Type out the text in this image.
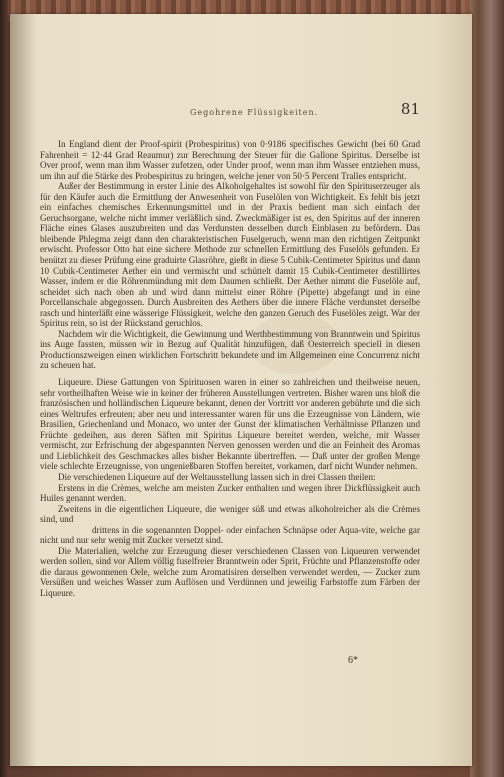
Gegohrene Flüssigkeiten.	81

In England dient der Proof-spirit (Probespiritus) von 0·9186 specifisches Gewicht (bei 60 Grad Fahrenheit = 12·44 Grad Reaumur) zur Berechnung der Steuer für die Gallone Spiritus. Derselbe ist Over proof, wenn man ihm Wasser zufetzen, oder Under proof, wenn man ihm Wasser entziehen muss, um ihn auf die Stärke des Probespiritus zu bringen, welche jener von 50·5 Percent Tralles entspricht.

Außer der Bestimmung in erster Linie des Alkoholgehaltes ist sowohl für den Spirituserzeuger als für den Käufer auch die Ermittlung der Anwesenheit von Fuselölen von Wichtigkeit. Es fehlt bis jetzt ein einfaches chemisches Erkennungsmittel und in der Praxis bedient man sich einfach der Geruchsorgane, welche nicht immer verläßlich sind. Zweckmäßiger ist es, den Spiritus auf der inneren Fläche eines Glases auszubreiten und das Verdunsten desselben durch Einblasen zu befördern. Das bleibende Phlegma zeigt dann den charakteristischen Fuselgeruch, wenn man den richtigen Zeitpunkt erwischt. Professor Otto hat eine sichere Methode zur schnellen Ermittlung des Fuselöls gefunden. Er benützt zu dieser Prüfung eine graduirte Glasröhre, gießt in diese 5 Cubik-Centimeter Spiritus und dann 10 Cubik-Centimeter Aether ein und vermischt und schüttelt damit 15 Cubik-Centimeter destillirtes Wasser, indem er die Röhrenmündung mit dem Daumen schließt. Der Aether nimmt die Fuselöle auf, scheidet sich nach oben ab und wird dann mittelst einer Röhre (Pipette) abgefangt und in eine Porcellanschale abgegossen. Durch Ausbreiten des Aethers über die innere Fläche verdunstet derselbe rasch und hinterläßt eine wässerige Flüssigkeit, welche den ganzen Geruch des Fuselöles zeigt. War der Spiritus rein, so ist der Rückstand geruchlos.

Nachdem wir die Wichtigkeit, die Gewinnung und Werthbestimmung von Branntwein und Spiritus ins Auge fassten, müssen wir in Bezug auf Qualität hinzufügen, daß Oesterreich speciell in diesen Productionszweigen einen wirklichen Fortschritt bekundete und im Allgemeinen eine Concurrenz nicht zu scheuen hat.

Liqueure. Diese Gattungen von Spirituosen waren in einer so zahlreichen und theilweise neuen, sehr vortheilhaften Weise wie in keiner der früheren Ausstellungen vertreten. Bisher waren uns bloß die französischen und holländischen Liqueure bekannt, denen der Vortritt vor anderen gebührte und die sich eines Weltrufes erfreuten; aber neu und interessanter waren für uns die Erzeugnisse von Ländern, wie Brasilien, Griechenland und Monaco, wo unter der Gunst der klimatischen Verhältnisse Pflanzen und Früchte gedeihen, aus deren Säften mit Spiritus Liqueure bereitet werden, welche, mit Wasser vermischt, zur Erfrischung der abgespannten Nerven genossen werden und die an Feinheit des Aromas und Lieblichkeit des Geschmackes alles bisher Bekannte übertreffen. — Daß unter der großen Menge viele schlechte Erzeugnisse, von ungenießbaren Stoffen bereitet, vorkamen, darf nicht Wunder nehmen.

Die verschiedenen Liqueure auf der Weltausstellung lassen sich in drei Classen theilen:

Erstens in die Crèmes, welche am meisten Zucker enthalten und wegen ihrer Dickflüssigkeit auch Huiles genannt werden.

Zweitens in die eigentlichen Liqueure, die weniger süß und etwas alkoholreicher als die Crèmes sind, und

drittens in die sogenannten Doppel- oder einfachen Schnäpse oder Aqua-vite, welche gar nicht und nur sehr wenig mit Zucker versetzt sind.

Die Materialien, welche zur Erzeugung dieser verschiedenen Classen von Liqueuren verwendet werden sollen, sind vor Allem völlig fuselfreier Branntwein oder Sprit, Früchte und Pflanzenstoffe oder die daraus gewonnenen Oele, welche zum Aromatisiren derselben verwendet werden, — Zucker zum Versüßen und weiches Wasser zum Auflösen und Verdünnen und jeweilig Farbstoffe zum Färben der Liqueure.

6*
